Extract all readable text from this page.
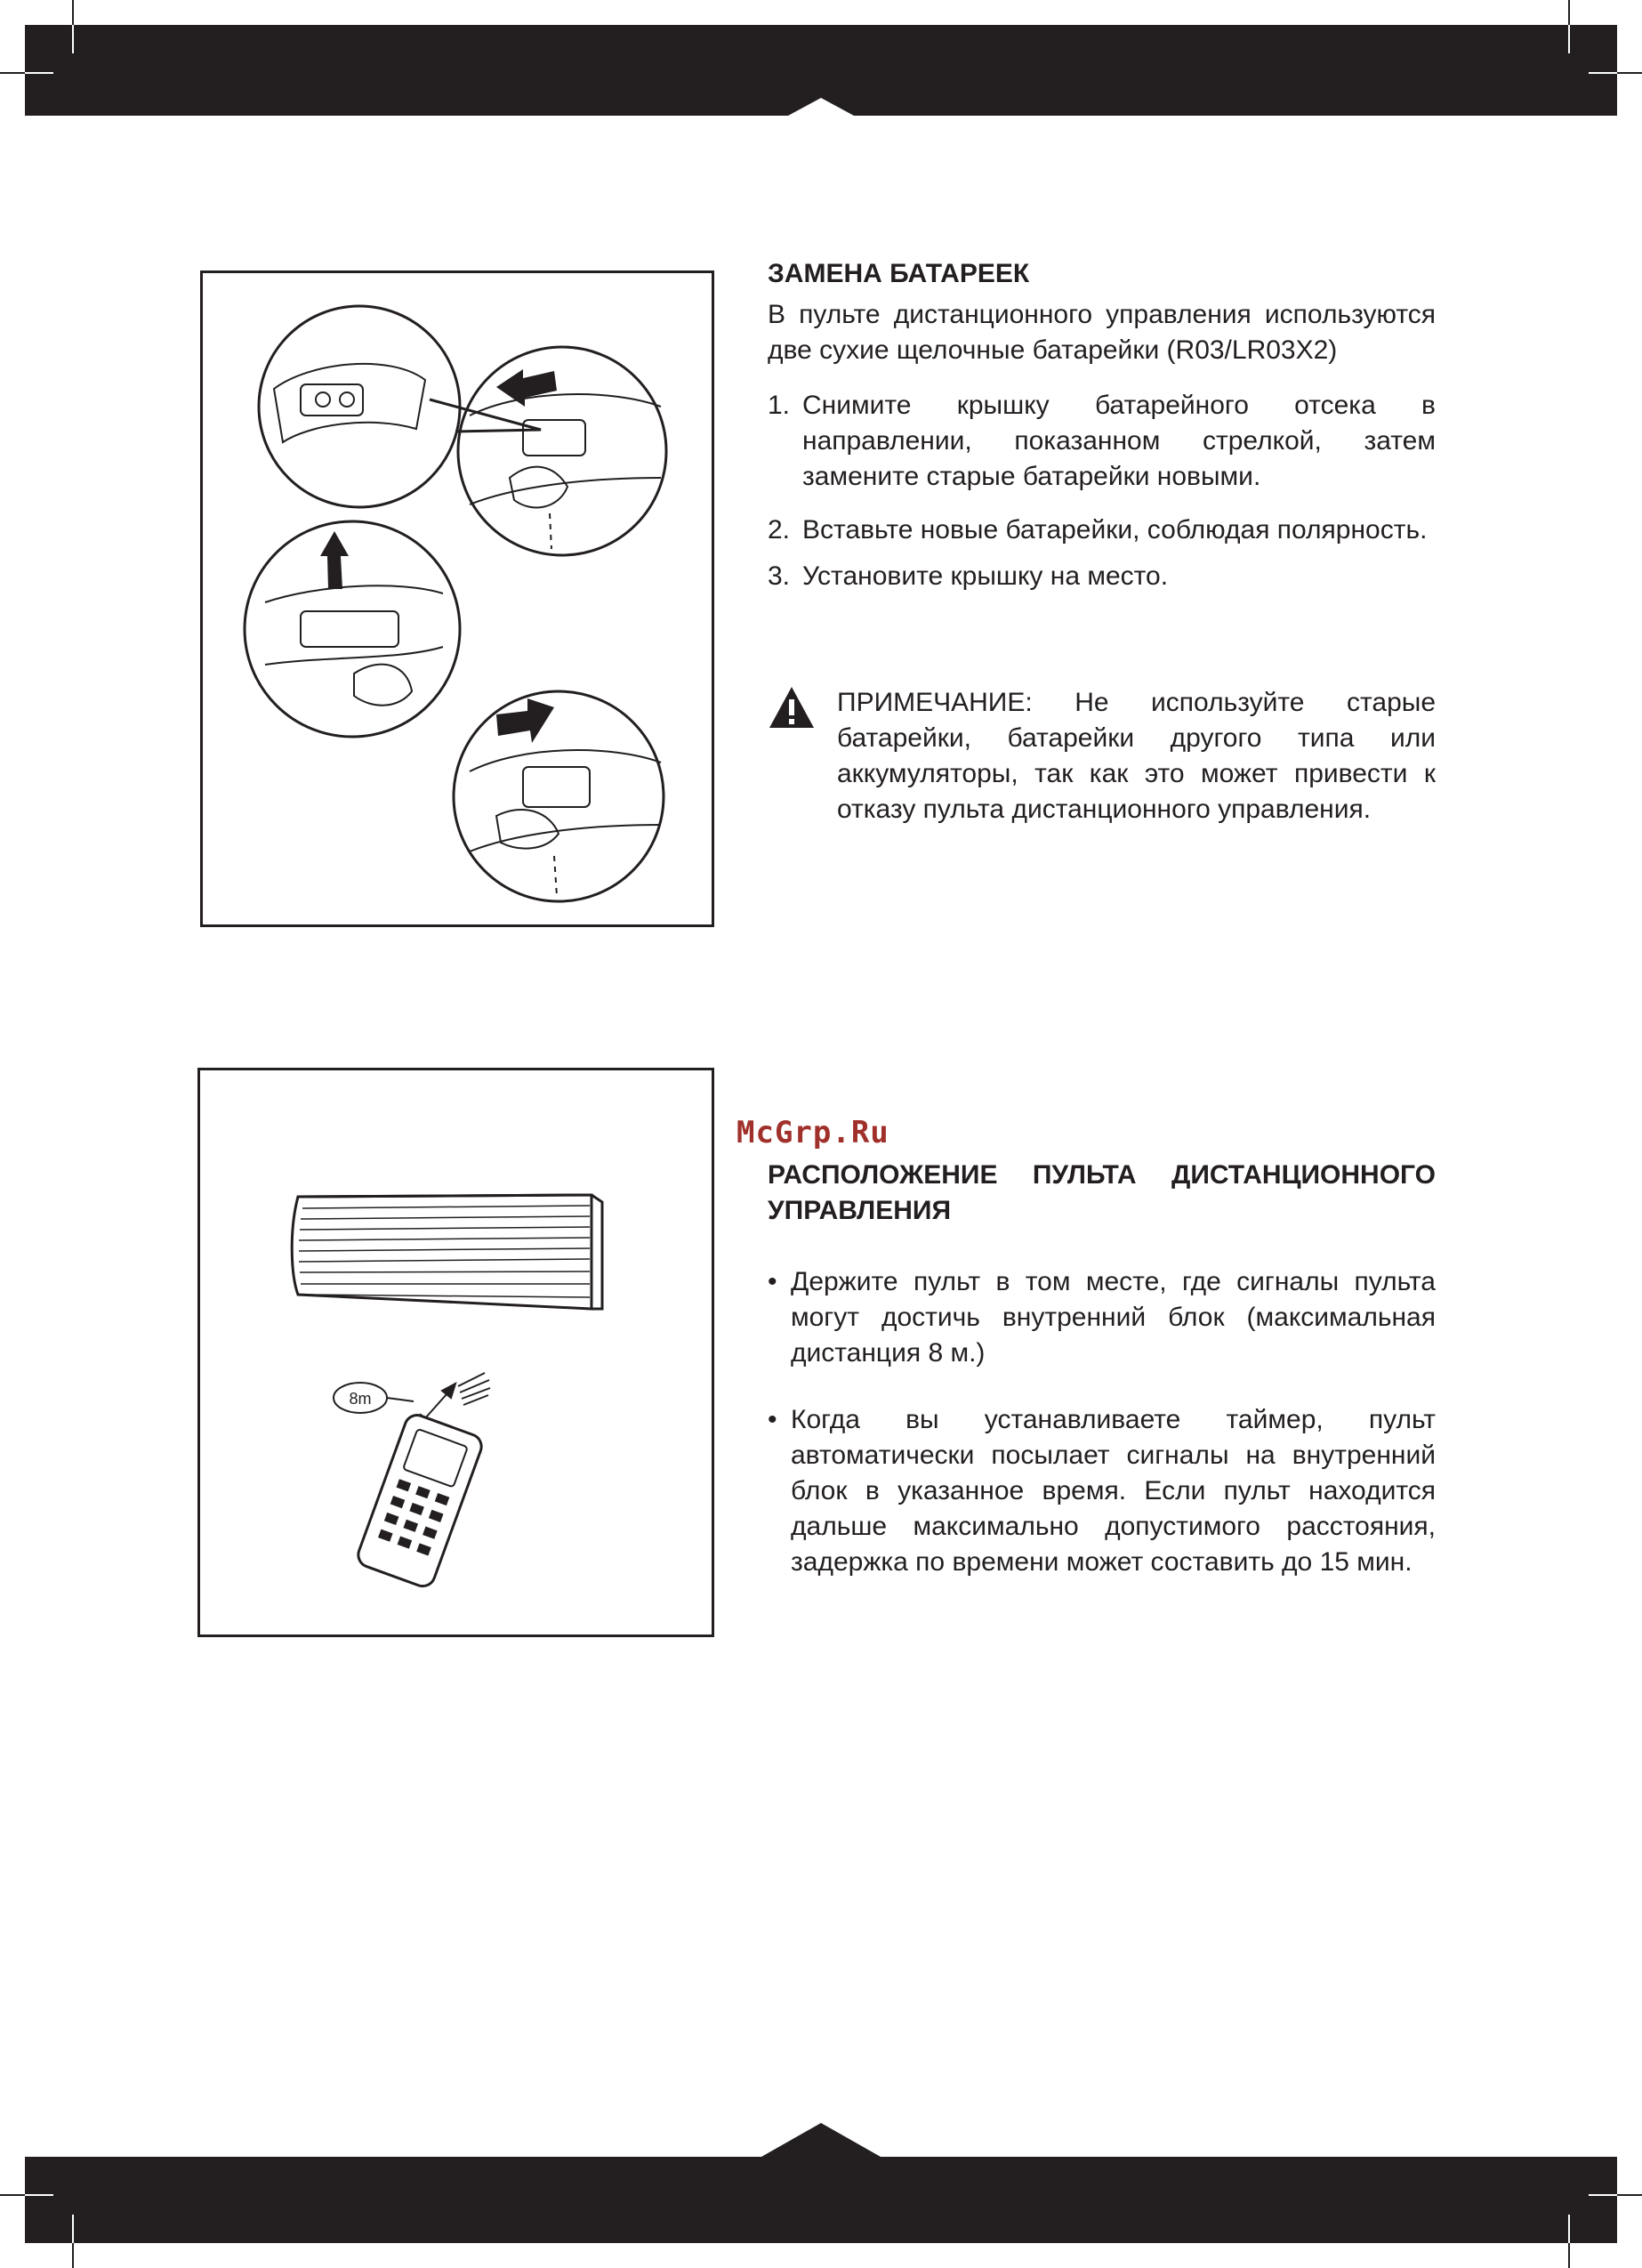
ЗАМЕНА БАТАРЕЕК

В пульте дистанционного управления используются две сухие щелочные батарейки (R03/LR03X2)

1. Снимите крышку батарейного отсека в направлении, показанном стрелкой, затем замените старые батарейки новыми.
2. Вставьте новые батарейки, соблюдая полярность.
3. Установите крышку на место.
ПРИМЕЧАНИЕ: Не используйте старые батарейки, батарейки другого типа или аккумуляторы, так как это может привести к отказу пульта дистанционного управления.
8m
McGrp.Ru
РАСПОЛОЖЕНИЕ ПУЛЬТА ДИСТАНЦИОННОГО УПРАВЛЕНИЯ
• Держите пульт в том месте, где сигналы пульта могут достичь внутренний блок (максимальная дистанция 8 м.)
• Когда вы устанавливаете таймер, пульт автоматически посылает сигналы на внутренний блок в указанное время. Если пульт находится дальше максимально допустимого расстояния, задержка по времени может составить до 15 мин.
